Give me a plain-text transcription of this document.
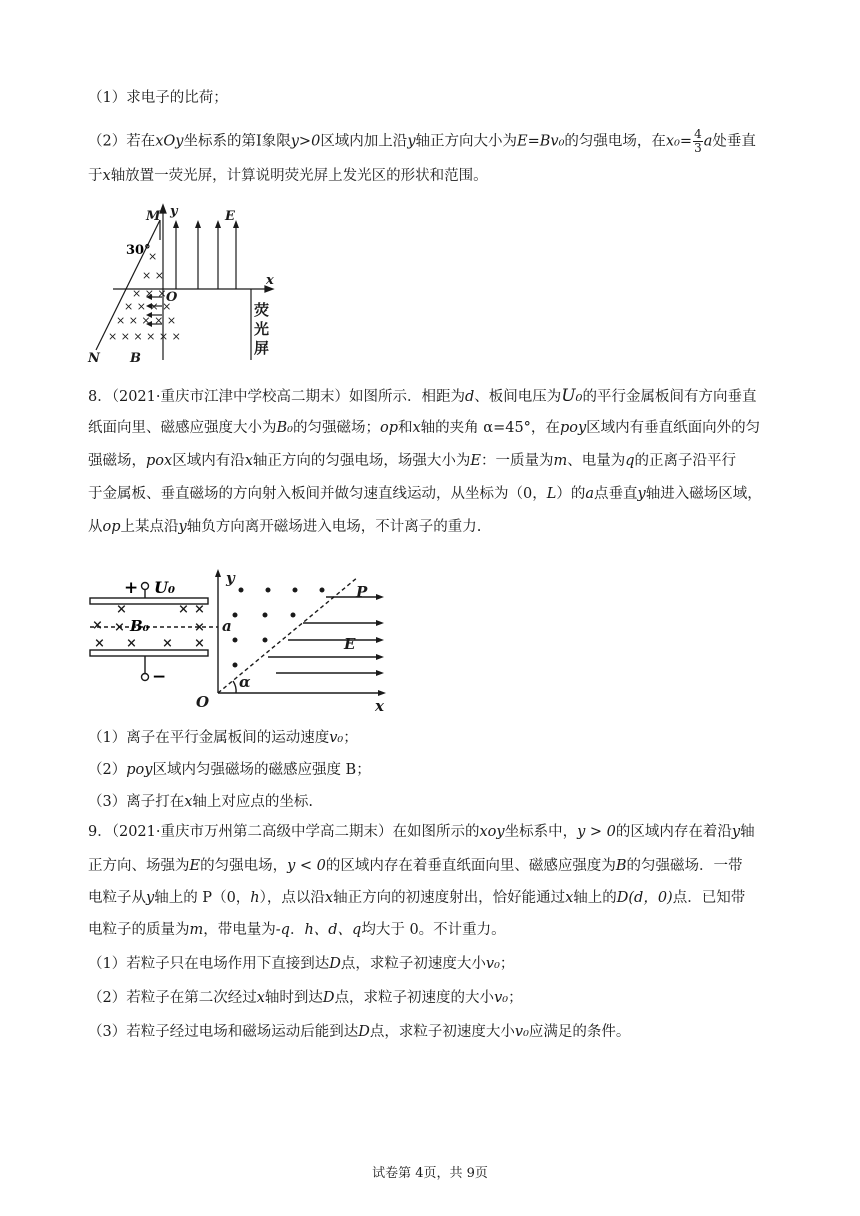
（1）求电子的比荷；
（2）若在xOy坐标系的第Ⅰ象限y>0区域内加上沿y轴正方向大小为E=Bv₀的匀强电场，在$x_0= \frac{4}{3}$ a处垂直
于x轴放置一荧光屏，计算说明荧光屏上发光区的形状和范围。
×
× ×
× × ×
× × × ×
× × × × ×
× × × × × ×
M y	E
O
x
N B
30°
荧
光
屏
8．（2021·重庆市江津中学校高二期末）如图所示．相距为d、板间电压为U₀的平行金属板间有方向垂直
纸面向里、磁感应强度大小为B₀的匀强磁场；op和x轴的夹角 α=45°，在poy区域内有垂直纸面向外的匀
强磁场，pox区域内有沿x轴正方向的匀强电场，场强大小为E：一质量为m、电量为q的正离子沿平行
于金属板、垂直磁场的方向射入板间并做匀速直线运动，从坐标为（0，L）的a点垂直y轴进入磁场区域，
从op上某点沿y轴负方向离开磁场进入电场，不计离子的重力.
×
×	× ×
×	×
× × × ×
+ U₀
−
B₀	a
y
O	x
P
E
α
（1）离子在平行金属板间的运动速度v₀；
（2）poy区域内匀强磁场的磁感应强度 B；
（3）离子打在x轴上对应点的坐标.
9．（2021·重庆市万州第二高级中学高二期末）在如图所示的xoy坐标系中，y > 0的区域内存在着沿y轴
正方向、场强为E的匀强电场，y < 0的区域内存在着垂直纸面向里、磁感应强度为B的匀强磁场．一带
电粒子从y轴上的 P（0，h），点以沿x轴正方向的初速度射出，恰好能通过x轴上的D(d，0)点．已知带
电粒子的质量为m，带电量为-q．h、d、q均大于 0。不计重力。
（1）若粒子只在电场作用下直接到达D点，求粒子初速度大小v₀；
（2）若粒子在第二次经过x轴时到达D点，求粒子初速度的大小v₀；
（3）若粒子经过电场和磁场运动后能到达D点，求粒子初速度大小v₀应满足的条件。
试卷第 4页，共 9页
